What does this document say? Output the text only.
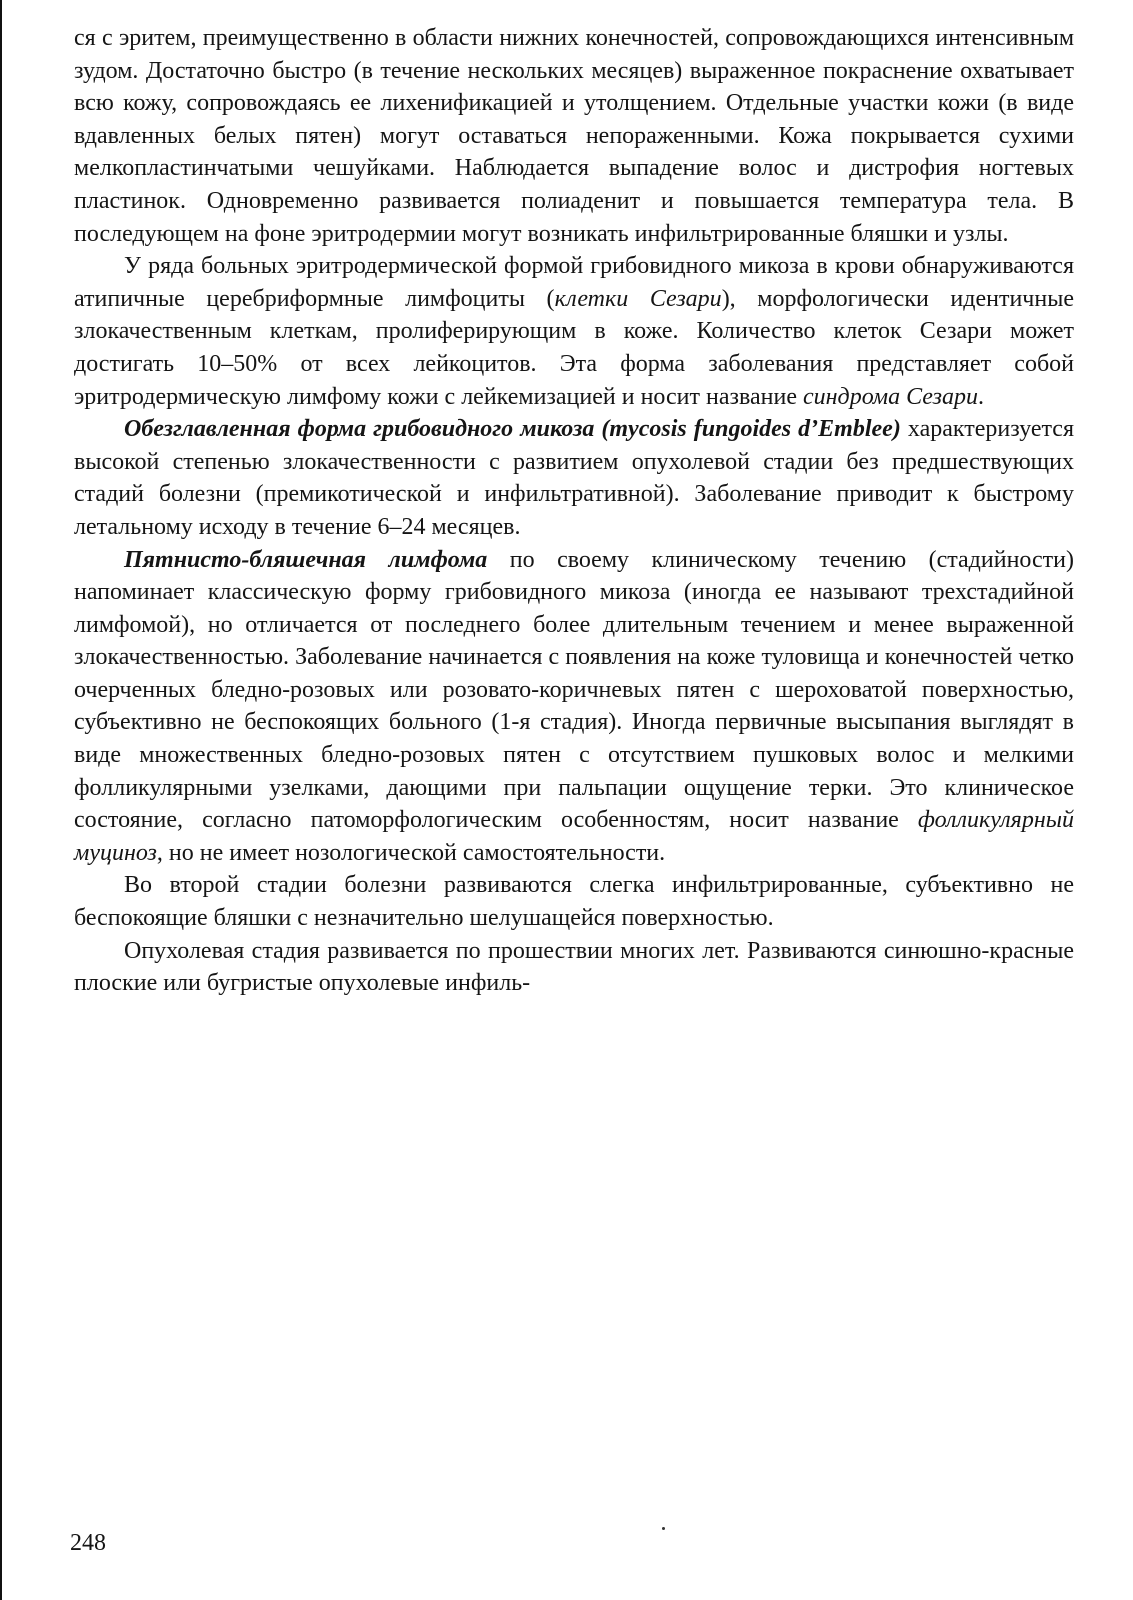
ся с эритем, преимущественно в области нижних конечностей, сопровождающихся интенсивным зудом. Достаточно быстро (в течение нескольких месяцев) выраженное покраснение охватывает всю кожу, сопровождаясь ее лихенификацией и утолщением. Отдельные участки кожи (в виде вдавленных белых пятен) могут оставаться непораженными. Кожа покрывается сухими мелкопластинчатыми чешуйками. Наблюдается выпадение волос и дистрофия ногтевых пластинок. Одновременно развивается полиаденит и повышается температура тела. В последующем на фоне эритродермии могут возникать инфильтрированные бляшки и узлы.

У ряда больных эритродермической формой грибовидного микоза в крови обнаруживаются атипичные церебриформные лимфоциты (клетки Сезари), морфологически идентичные злокачественным клеткам, пролиферирующим в коже. Количество клеток Сезари может достигать 10–50% от всех лейкоцитов. Эта форма заболевания представляет собой эритродермическую лимфому кожи с лейкемизацией и носит название синдрома Сезари.

Обезглавленная форма грибовидного микоза (mycosis fungoides d’Emblee) характеризуется высокой степенью злокачественности с развитием опухолевой стадии без предшествующих стадий болезни (премикотической и инфильтративной). Заболевание приводит к быстрому летальному исходу в течение 6–24 месяцев.

Пятнисто-бляшечная лимфома по своему клиническому течению (стадийности) напоминает классическую форму грибовидного микоза (иногда ее называют трехстадийной лимфомой), но отличается от последнего более длительным течением и менее выраженной злокачественностью. Заболевание начинается с появления на коже туловища и конечностей четко очерченных бледно-розовых или розовато-коричневых пятен с шероховатой поверхностью, субъективно не беспокоящих больного (1-я стадия). Иногда первичные высыпания выглядят в виде множественных бледно-розовых пятен с отсутствием пушковых волос и мелкими фолликулярными узелками, дающими при пальпации ощущение терки. Это клиническое состояние, согласно патоморфологическим особенностям, носит название фолликулярный муциноз, но не имеет нозологической самостоятельности.

Во второй стадии болезни развиваются слегка инфильтрированные, субъективно не беспокоящие бляшки с незначительно шелушащейся поверхностью.

Опухолевая стадия развивается по прошествии многих лет. Развиваются синюшно-красные плоские или бугристые опухолевые инфиль-

248
